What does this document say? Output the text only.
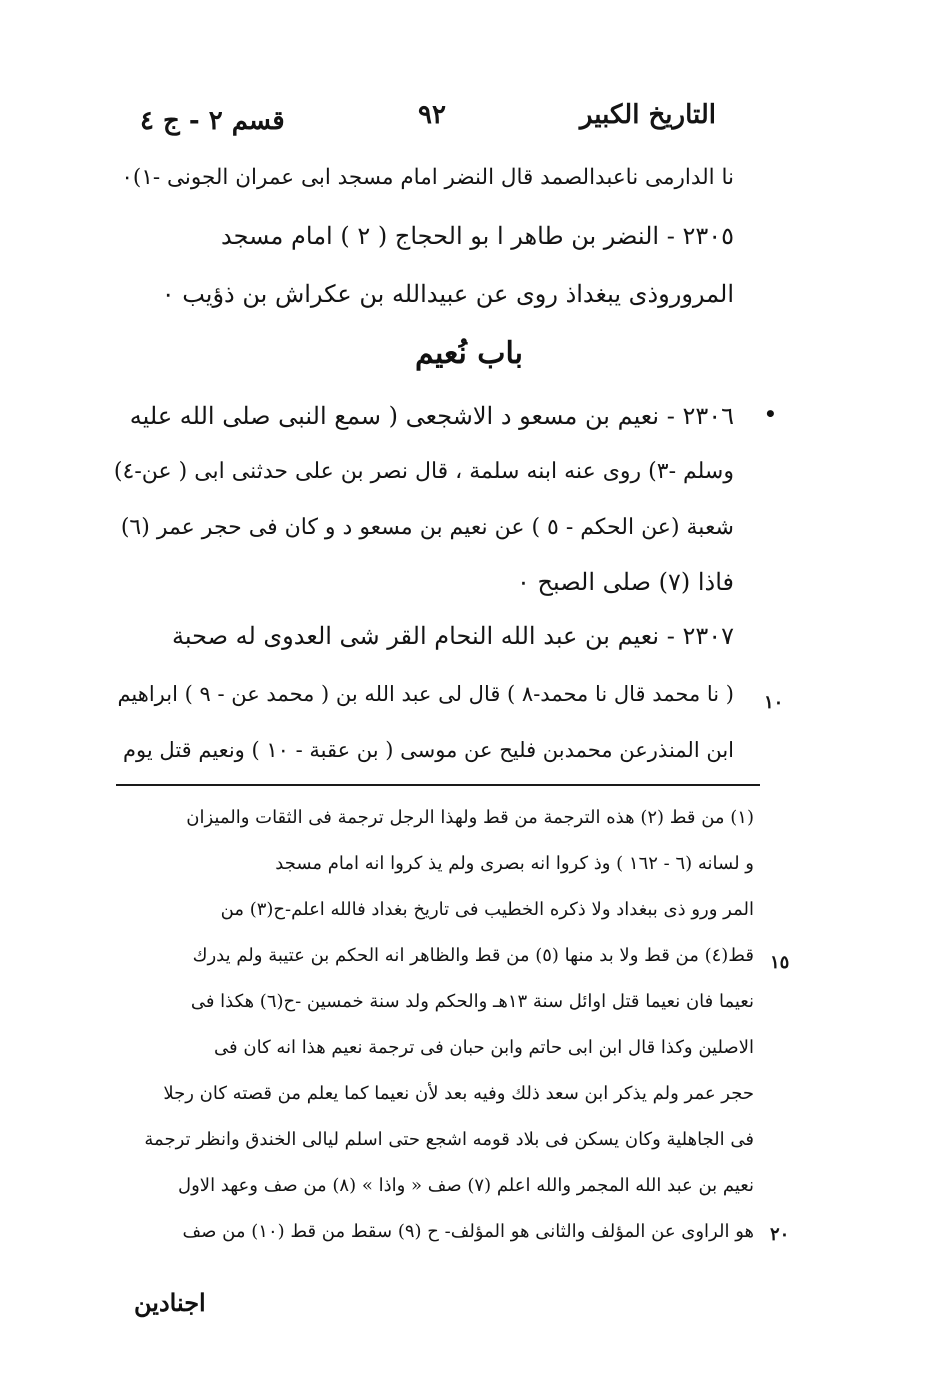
التاريخ الكبير
٩٢
قسم ٢ - ج ٤
نا الدارمى ناعبدالصمد قال النضر امام مسجد ابى عمران الجونى -١)٠
٢٣٠٥ - النضر بن طاهر ا بو الحجاج ( ٢ ) امام مسجد
المروروذى يبغداذ روى عن عبيدالله بن عكراش بن ذؤيب ٠
باب نُعيم
•
٢٣٠٦ - نعيم بن مسعو د الاشجعى ( سمع النبى صلى الله عليه
وسلم -٣) روى عنه ابنه سلمة ، قال نصر بن على حدثنى ابى ( عن-٤)
شعبة (عن الحكم - ٥ ) عن نعيم بن مسعو د و كان فى حجر عمر (٦)
فاذا (٧) صلى الصبح ٠
٢٣٠٧ - نعيم بن عبد الله النحام القر شى العدوى له صحبة
( نا محمد قال نا محمد-٨ ) قال لى عبد الله بن ( محمد عن - ٩ ) ابراهيم
ابن المنذرعن محمدبن فليح عن موسى ( بن عقبة - ١٠ ) ونعيم قتل يوم
١٠
(١) من قط (٢) هذه الترجمة من قط ولهذا الرجل ترجمة فى الثقات والميزان
و لسانه (٦ - ١٦٢ ) وذ كروا انه بصرى ولم يذ كروا انه امام مسجد
المر ورو ذى ببغداد ولا ذكره الخطيب فى تاريخ بغداد فالله اعلم-ح(٣) من
قط(٤) من قط ولا بد منها (٥) من قط والظاهر انه الحكم بن عتيبة ولم يدرك
نعيما فان نعيما قتل اوائل سنة ١٣هـ والحكم ولد سنة خمسين -ح(٦) هكذا فى
الاصلين وكذا قال ابن ابى حاتم وابن حبان فى ترجمة نعيم هذا انه كان فى
حجر عمر ولم يذكر ابن سعد ذلك وفيه بعد لأن نعيما كما يعلم من قصته كان رجلا
فى الجاهلية وكان يسكن فى بلاد قومه اشجع حتى اسلم ليالى الخندق وانظر ترجمة
نعيم بن عبد الله المجمر والله اعلم (٧) صف « واذا » (٨) من صف وعهد الاول
هو الراوى عن المؤلف والثانى هو المؤلف- ح (٩) سقط من قط (١٠) من صف
١٥
٢٠
اجنادين
